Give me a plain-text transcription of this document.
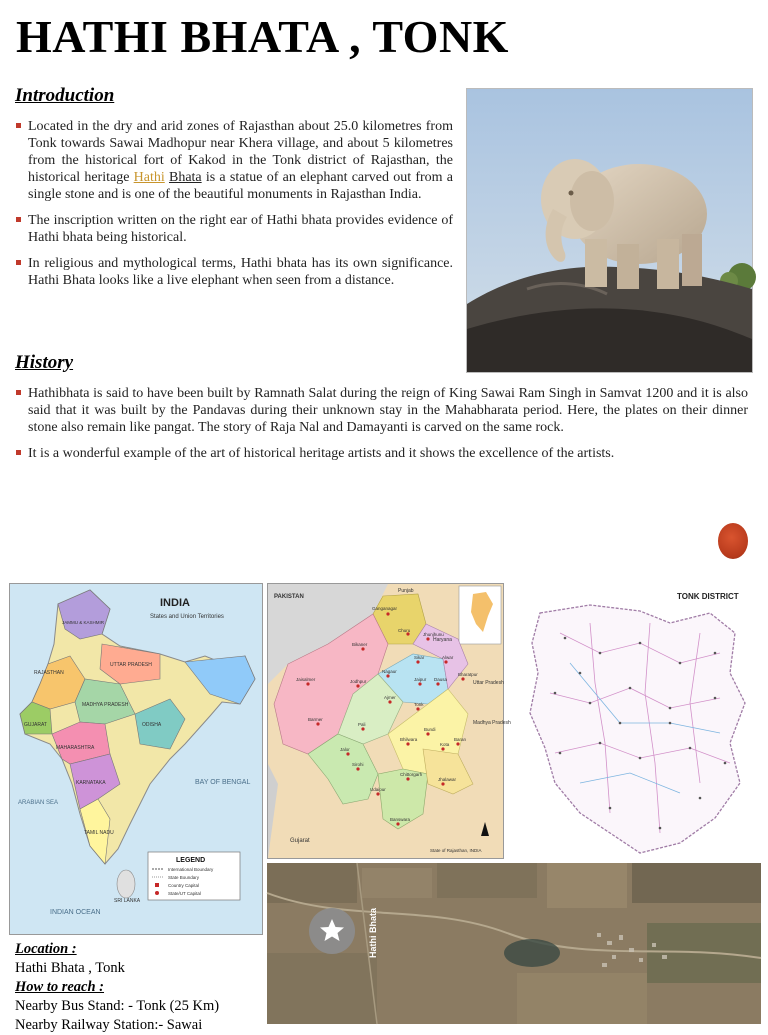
HATHI BHATA , TONK
Introduction
Located in the dry and arid zones of Rajasthan about 25.0 kilometres from Tonk towards Sawai Madhopur near Khera village, and about 5 kilometres from the historical fort of Kakod in the Tonk district of Rajasthan, the historical heritage Hathi Bhata is a statue of an elephant carved out from a single stone and is one of the beautiful monuments in Rajasthan India.
The inscription written on the right ear of Hathi bhata provides evidence of Hathi bhata being historical.
In religious and mythological terms, Hathi bhata has its own significance. Hathi Bhata looks like a live elephant when seen from a distance.
History
Hathibhata is said to have been built by Ramnath Salat during the reign of King Sawai Ram Singh in Samvat 1200 and it is also said that it was built by the Pandavas during their unknown stay in the Mahabharata period. Here, the plates on their dinner stone also remain like pangat. The story of Raja Nal and Damayanti is carved on the same rock.
It is a wonderful example of the art of historical heritage artists and it shows the excellence of the artists.
INDIA
States and Union Territories
RAJASTHAN
GUJARAT
MADHYA PRADESH
MAHARASHTRA
KARNATAKA
TAMIL NADU
ODISHA
UTTAR PRADESH
SRI LANKA
JAMMU & KASHMIR
BAY OF BENGAL
ARABIAN SEA
INDIAN OCEAN
LEGEND
International Boundary
State Boundary
Country Capital
State/UT Capital
Ganganagar
Bikaner
Churu
Jhunjhunu
Sikar	Alwar
Jaisalmer	Jodhpur
Nagaur
Jaipur Dausa
Bharatpur
Barmer
Pali
Ajmer
Tonk
Jalor
Sirohi
Udaipur
Bhilwara
Bundi
Kota
Baran
Banswara
Chittorgarh
Jhalawar
PAKISTAN
Punjab
Haryana
Uttar Pradesh
Madhya Pradesh
Gujarat
State of Rajasthan, INDIA
TONK DISTRICT
Hathi Bhata
Location :
Hathi Bhata , Tonk
How to reach :
Nearby Bus Stand: - Tonk (25 Km)
Nearby Railway Station:- Sawai
